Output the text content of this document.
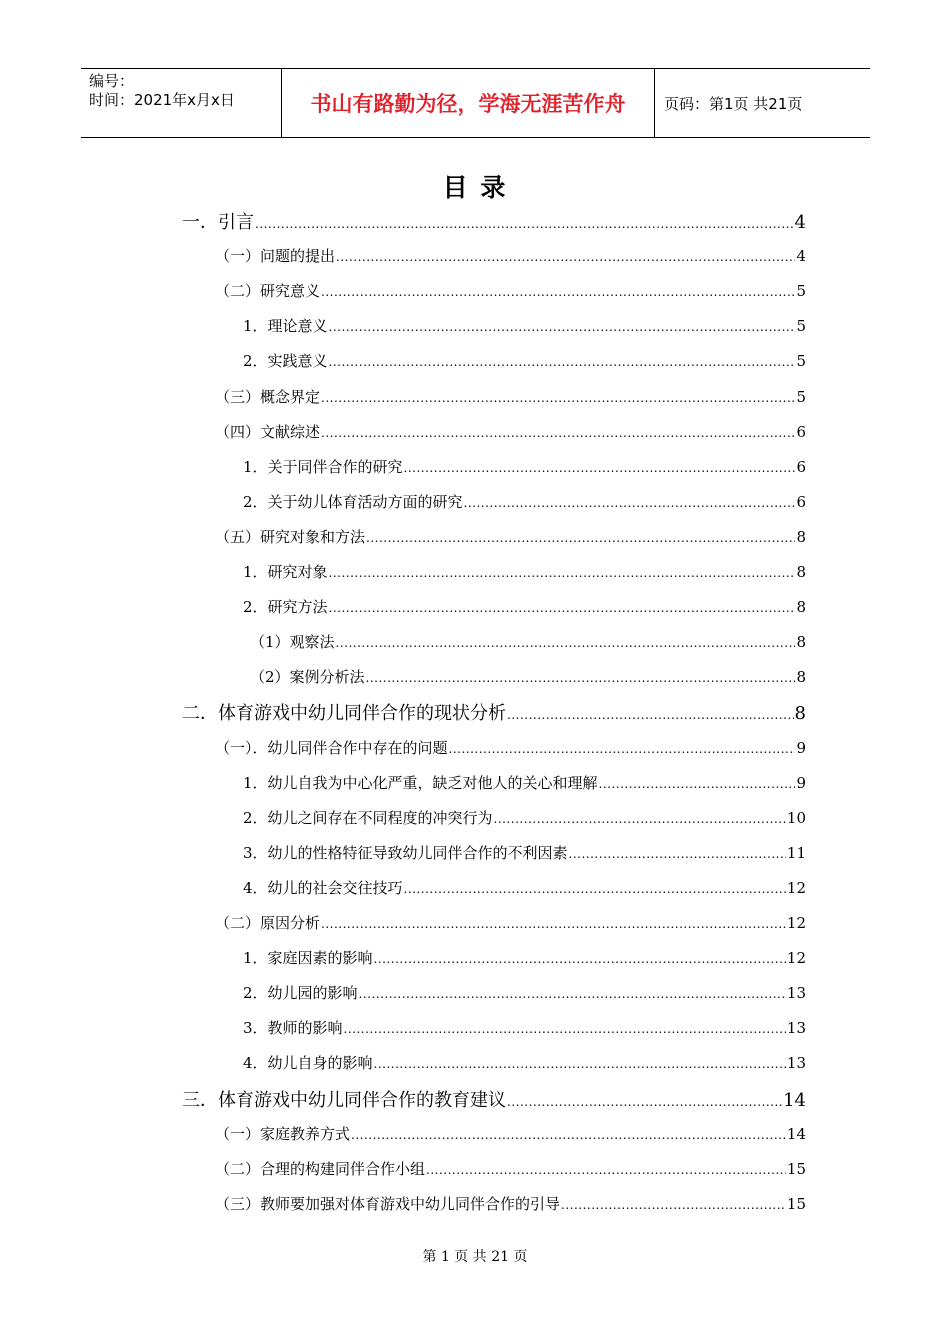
编号：
时间：2021年x月x日	书山有路勤为径，学海无涯苦作舟	页码：第1页 共21页
目 录
一．引言 .....	4
（一）问题的提出 .....	4
（二）研究意义 .....	5
1．理论意义 .....	5
2．实践意义 .....	5
（三）概念界定 .....	5
（四）文献综述 .....	6
1．关于同伴合作的研究 .....	6
2．关于幼儿体育活动方面的研究 .....	6
（五）研究对象和方法 .....	8
1．研究对象 .....	8
2．研究方法 .....	8
（1）观察法 .....	8
（2）案例分析法 .....	8
二．体育游戏中幼儿同伴合作的现状分析 .....	8
（一）．幼儿同伴合作中存在的问题 .....	9
1．幼儿自我为中心化严重，缺乏对他人的关心和理解 .....	9
2．幼儿之间存在不同程度的冲突行为 .....	10
3．幼儿的性格特征导致幼儿同伴合作的不利因素 .....	11
4．幼儿的社会交往技巧 .....	12
（二）原因分析 .....	12
1．家庭因素的影响 .....	12
2．幼儿园的影响 .....	13
3．教师的影响 .....	13
4．幼儿自身的影响 .....	13
三．体育游戏中幼儿同伴合作的教育建议 .....	14
（一）家庭教养方式 .....	14
（二）合理的构建同伴合作小组 .....	15
（三）教师要加强对体育游戏中幼儿同伴合作的引导 .....	15
第 1 页 共 21 页
